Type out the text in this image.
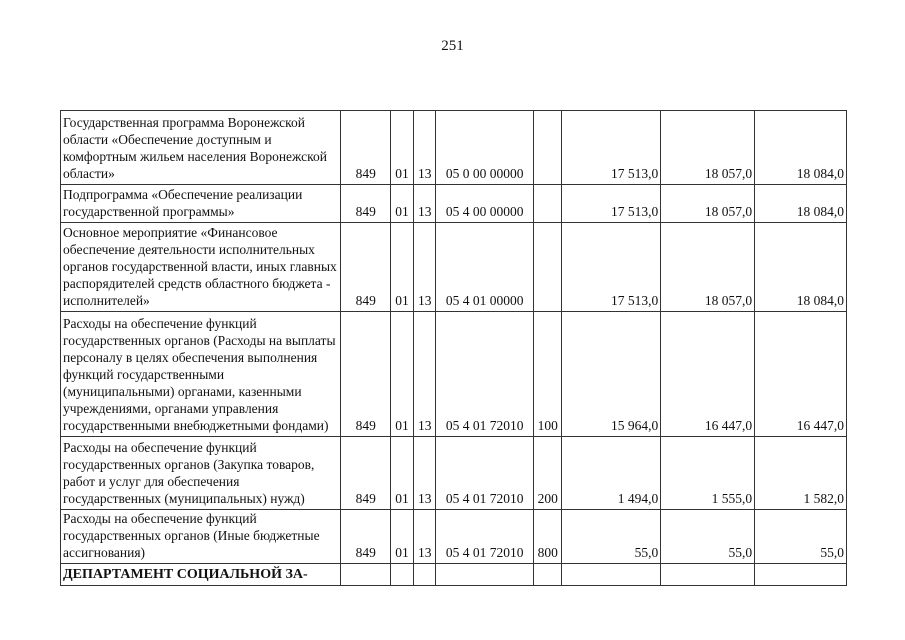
251
Государственная программа Воронежской области «Обеспечение доступным и комфортным жильем населения Воронежской области»	849	01	13	05 0 00 00000		17 513,0	18 057,0	18 084,0
Подпрограмма «Обеспечение реализации государственной программы»	849	01	13	05 4 00 00000		17 513,0	18 057,0	18 084,0
Основное мероприятие «Финансовое обеспечение деятельности исполнительных органов государственной власти, иных главных распорядителей средств областного бюджета - исполнителей»	849	01	13	05 4 01 00000		17 513,0	18 057,0	18 084,0
Расходы на обеспечение функций государственных органов (Расходы на выплаты персоналу в целях обеспечения выполнения функций государственными (муниципальными) органами, казенными учреждениями, органами управления государственными внебюджетными фондами)	849	01	13	05 4 01 72010	100	15 964,0	16 447,0	16 447,0
Расходы на обеспечение функций государственных органов (Закупка товаров, работ и услуг для обеспечения государственных (муниципальных) нужд)	849	01	13	05 4 01 72010	200	1 494,0	1 555,0	1 582,0
Расходы на обеспечение функций государственных органов (Иные бюджетные ассигнования)	849	01	13	05 4 01 72010	800	55,0	55,0	55,0
ДЕПАРТАМЕНТ СОЦИАЛЬНОЙ ЗА-								
